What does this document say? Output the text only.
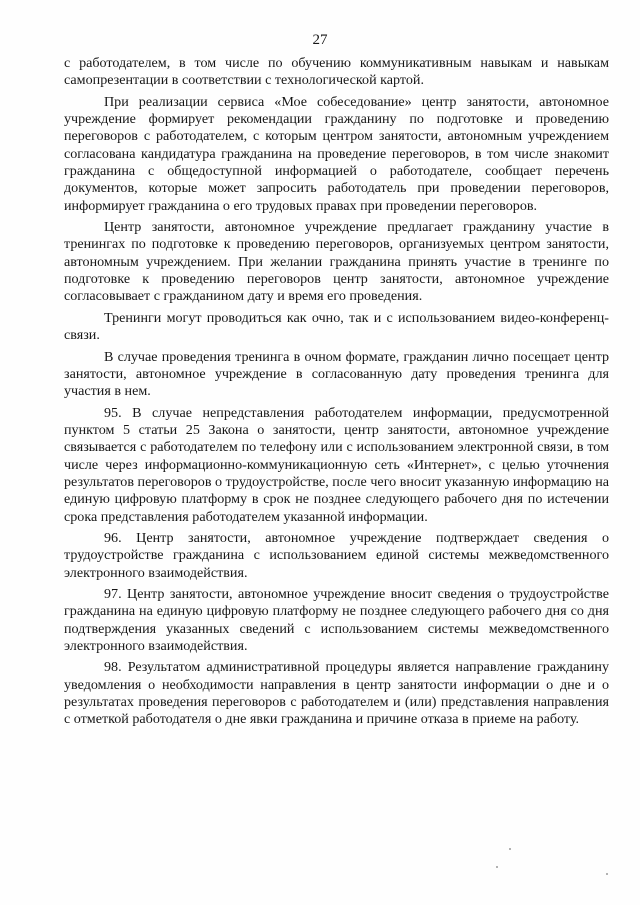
27

с работодателем, в том числе по обучению коммуникативным навыкам и навыкам самопрезентации в соответствии с технологической картой.

При реализации сервиса «Мое собеседование» центр занятости, автономное учреждение формирует рекомендации гражданину по подготовке и проведению переговоров с работодателем, с которым центром занятости, автономным учреждением согласована кандидатура гражданина на проведение переговоров, в том числе знакомит гражданина с общедоступной информацией о работодателе, сообщает перечень документов, которые может запросить работодатель при проведении переговоров, информирует гражданина о его трудовых правах при проведении переговоров.

Центр занятости, автономное учреждение предлагает гражданину участие в тренингах по подготовке к проведению переговоров, организуемых центром занятости, автономным учреждением. При желании гражданина принять участие в тренинге по подготовке к проведению переговоров центр занятости, автономное учреждение согласовывает с гражданином дату и время его проведения.

Тренинги могут проводиться как очно, так и с использованием видео-конференц-связи.

В случае проведения тренинга в очном формате, гражданин лично посещает центр занятости, автономное учреждение в согласованную дату проведения тренинга для участия в нем.

95. В случае непредставления работодателем информации, предусмотренной пунктом 5 статьи 25 Закона о занятости, центр занятости, автономное учреждение связывается с работодателем по телефону или с использованием электронной связи, в том числе через информационно-коммуникационную сеть «Интернет», с целью уточнения результатов переговоров о трудоустройстве, после чего вносит указанную информацию на единую цифровую платформу в срок не позднее следующего рабочего дня по истечении срока представления работодателем указанной информации.

96. Центр занятости, автономное учреждение подтверждает сведения о трудоустройстве гражданина с использованием единой системы межведомственного электронного взаимодействия.

97. Центр занятости, автономное учреждение вносит сведения о трудоустройстве гражданина на единую цифровую платформу не позднее следующего рабочего дня со дня подтверждения указанных сведений с использованием системы межведомственного электронного взаимодействия.

98. Результатом административной процедуры является направление гражданину уведомления о необходимости направления в центр занятости информации о дне и о результатах проведения переговоров с работодателем и (или) представления направления с отметкой работодателя о дне явки гражданина и причине отказа в приеме на работу.
